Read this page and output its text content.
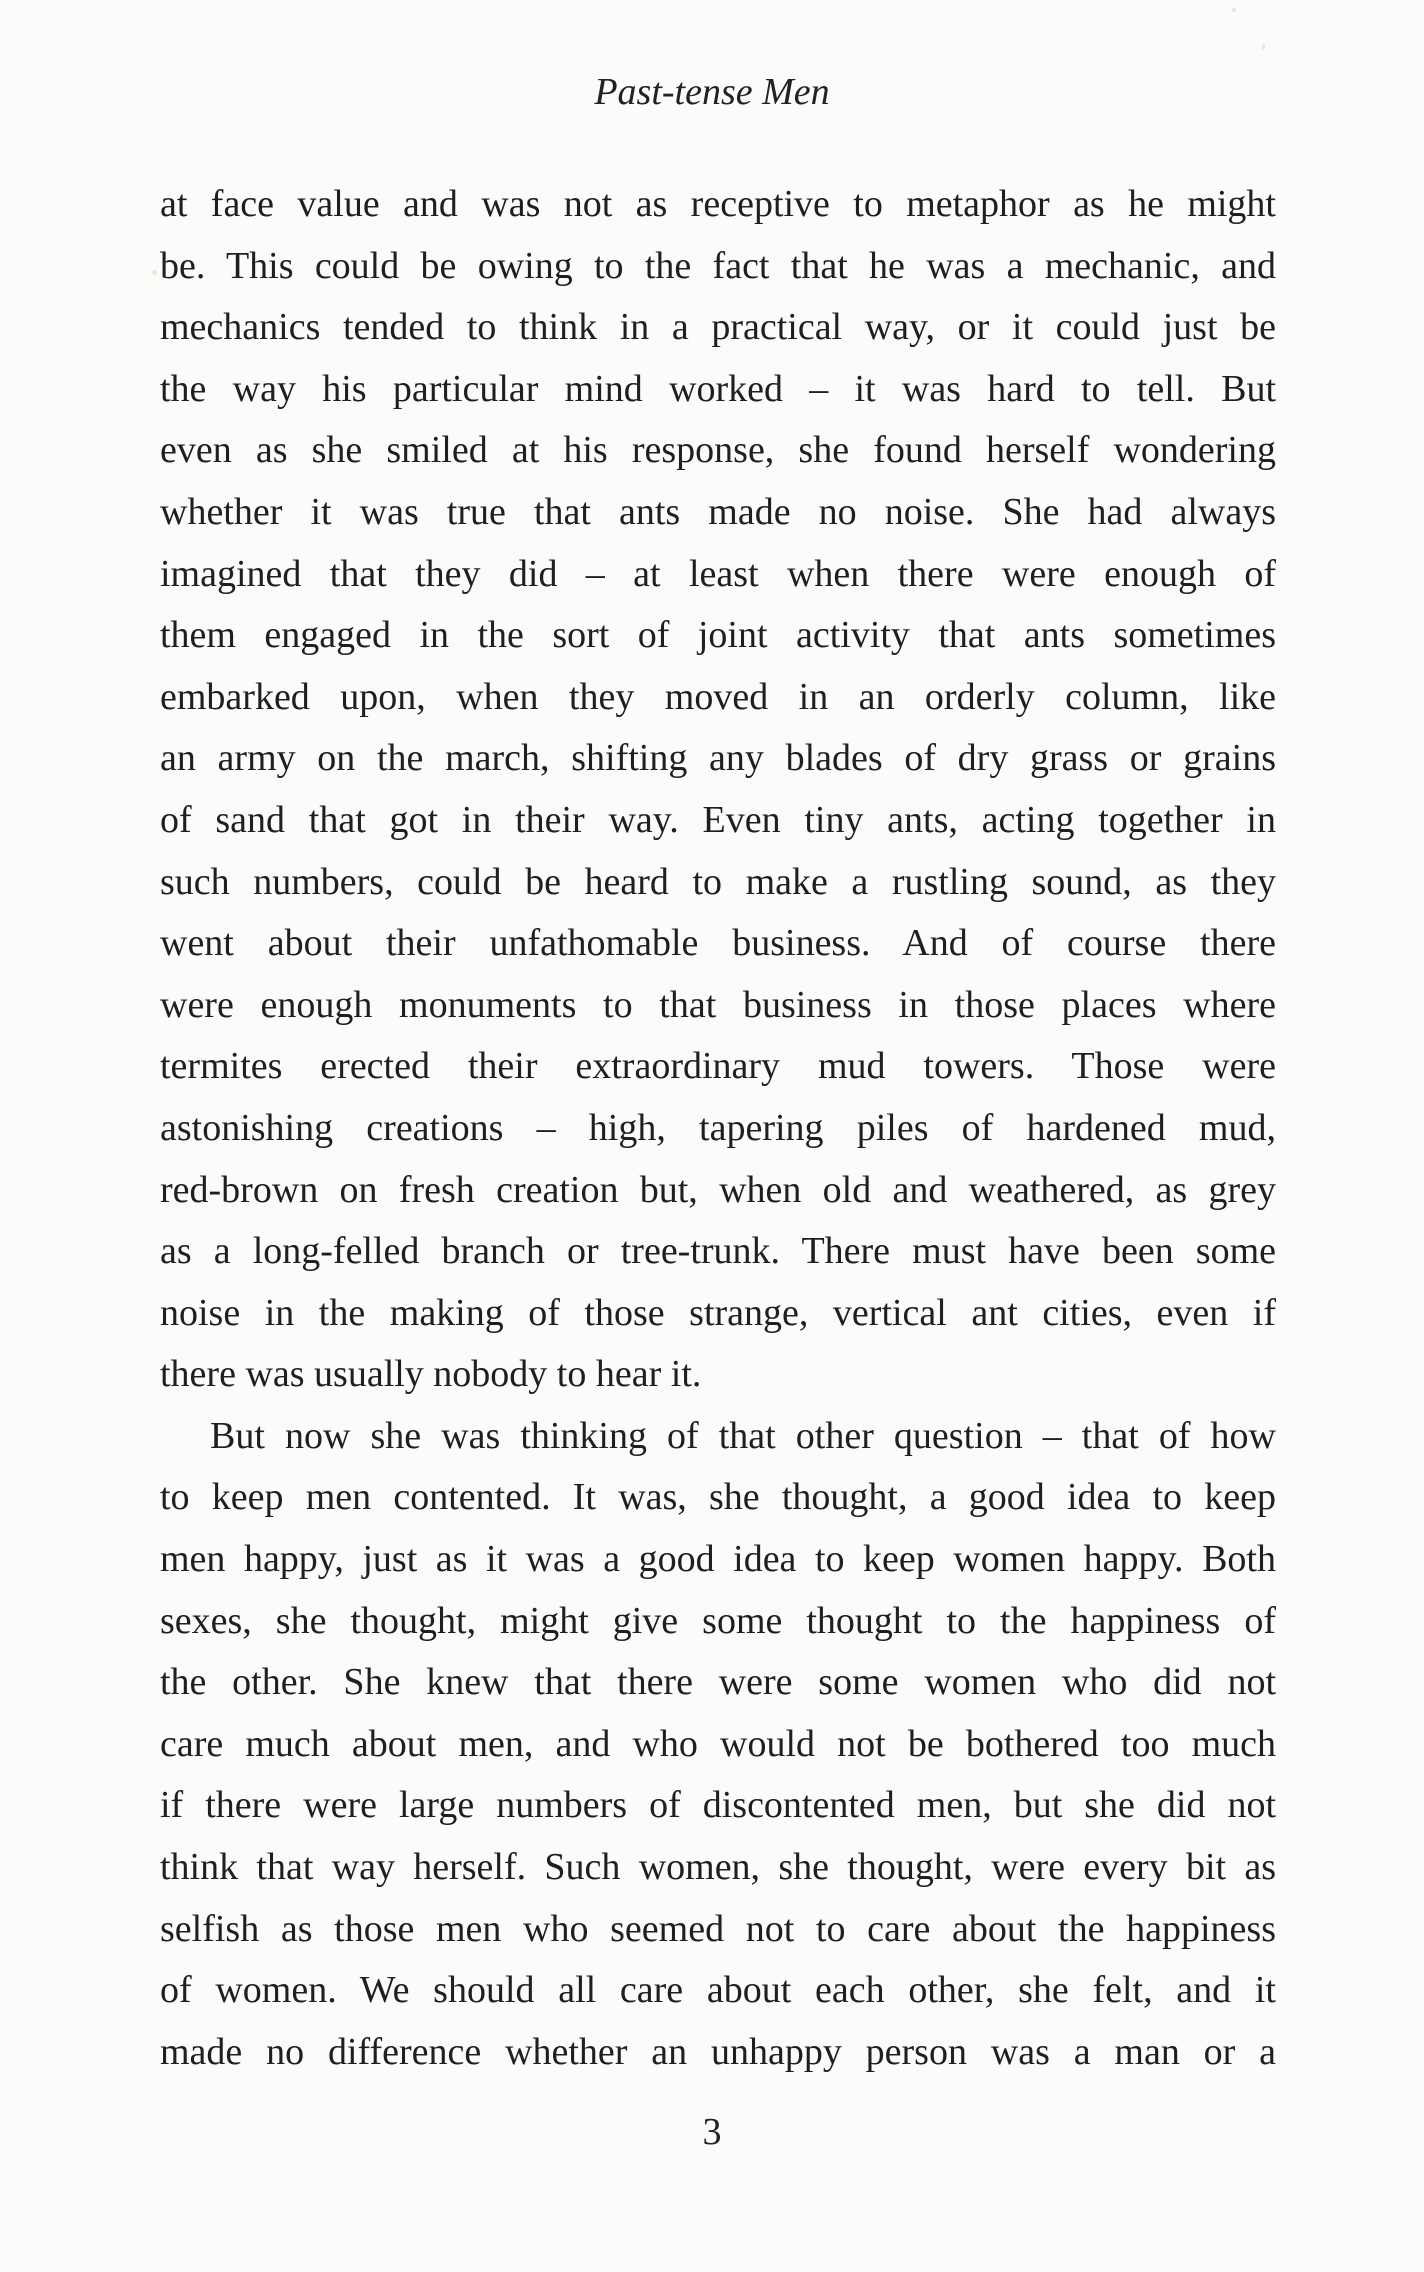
Past-tense Men
at face value and was not as receptive to metaphor as he might
be. This could be owing to the fact that he was a mechanic, and
mechanics tended to think in a practical way, or it could just be
the way his particular mind worked – it was hard to tell. But
even as she smiled at his response, she found herself wondering
whether it was true that ants made no noise. She had always
imagined that they did – at least when there were enough of
them engaged in the sort of joint activity that ants sometimes
embarked upon, when they moved in an orderly column, like
an army on the march, shifting any blades of dry grass or grains
of sand that got in their way. Even tiny ants, acting together in
such numbers, could be heard to make a rustling sound, as they
went about their unfathomable business. And of course there
were enough monuments to that business in those places where
termites erected their extraordinary mud towers. Those were
astonishing creations – high, tapering piles of hardened mud,
red-brown on fresh creation but, when old and weathered, as grey
as a long-felled branch or tree-trunk. There must have been some
noise in the making of those strange, vertical ant cities, even if
there was usually nobody to hear it.
But now she was thinking of that other question – that of how
to keep men contented. It was, she thought, a good idea to keep
men happy, just as it was a good idea to keep women happy. Both
sexes, she thought, might give some thought to the happiness of
the other. She knew that there were some women who did not
care much about men, and who would not be bothered too much
if there were large numbers of discontented men, but she did not
think that way herself. Such women, she thought, were every bit as
selfish as those men who seemed not to care about the happiness
of women. We should all care about each other, she felt, and it
made no difference whether an unhappy person was a man or a
3
